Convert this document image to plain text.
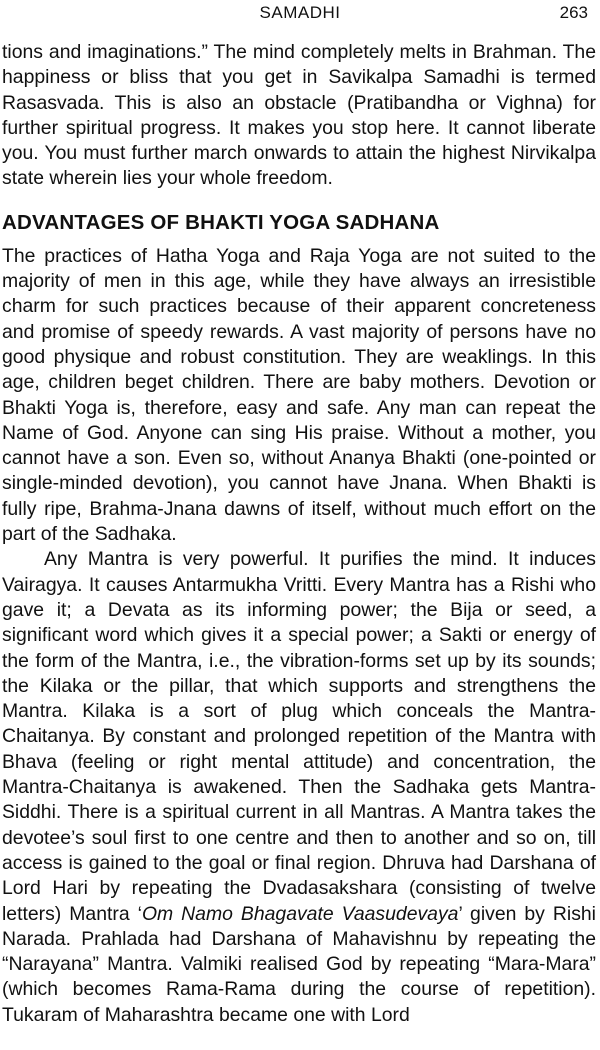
SAMADHI	263

tions and imaginations.” The mind completely melts in Brahman. The happiness or bliss that you get in Savikalpa Samadhi is termed Rasasvada. This is also an obstacle (Pratibandha or Vighna) for further spiritual progress. It makes you stop here. It cannot liberate you. You must further march onwards to attain the highest Nirvikalpa state wherein lies your whole freedom.

ADVANTAGES OF BHAKTI YOGA SADHANA

The practices of Hatha Yoga and Raja Yoga are not suited to the majority of men in this age, while they have always an irresistible charm for such practices because of their apparent concreteness and promise of speedy rewards. A vast majority of persons have no good physique and robust constitution. They are weaklings. In this age, children beget children. There are baby mothers. Devotion or Bhakti Yoga is, therefore, easy and safe. Any man can repeat the Name of God. Anyone can sing His praise. Without a mother, you cannot have a son. Even so, without Ananya Bhakti (one-pointed or single-minded devotion), you cannot have Jnana. When Bhakti is fully ripe, Brahma-Jnana dawns of itself, without much effort on the part of the Sadhaka.

Any Mantra is very powerful. It purifies the mind. It induces Vairagya. It causes Antarmukha Vritti. Every Mantra has a Rishi who gave it; a Devata as its informing power; the Bija or seed, a significant word which gives it a special power; a Sakti or energy of the form of the Mantra, i.e., the vibration-forms set up by its sounds; the Kilaka or the pillar, that which supports and strengthens the Mantra. Kilaka is a sort of plug which conceals the Mantra-Chaitanya. By constant and prolonged repetition of the Mantra with Bhava (feeling or right mental attitude) and concentration, the Mantra-Chaitanya is awakened. Then the Sadhaka gets Mantra-Siddhi. There is a spiritual current in all Mantras. A Mantra takes the devotee’s soul first to one centre and then to another and so on, till access is gained to the goal or final region. Dhruva had Darshana of Lord Hari by repeating the Dvadasakshara (consisting of twelve letters) Mantra ‘Om Namo Bhagavate Vaasudevaya’ given by Rishi Narada. Prahlada had Darshana of Mahavishnu by repeating the “Narayana” Mantra. Valmiki realised God by repeating “Mara-Mara” (which becomes Rama-Rama during the course of repetition). Tukaram of Maharashtra became one with Lord
